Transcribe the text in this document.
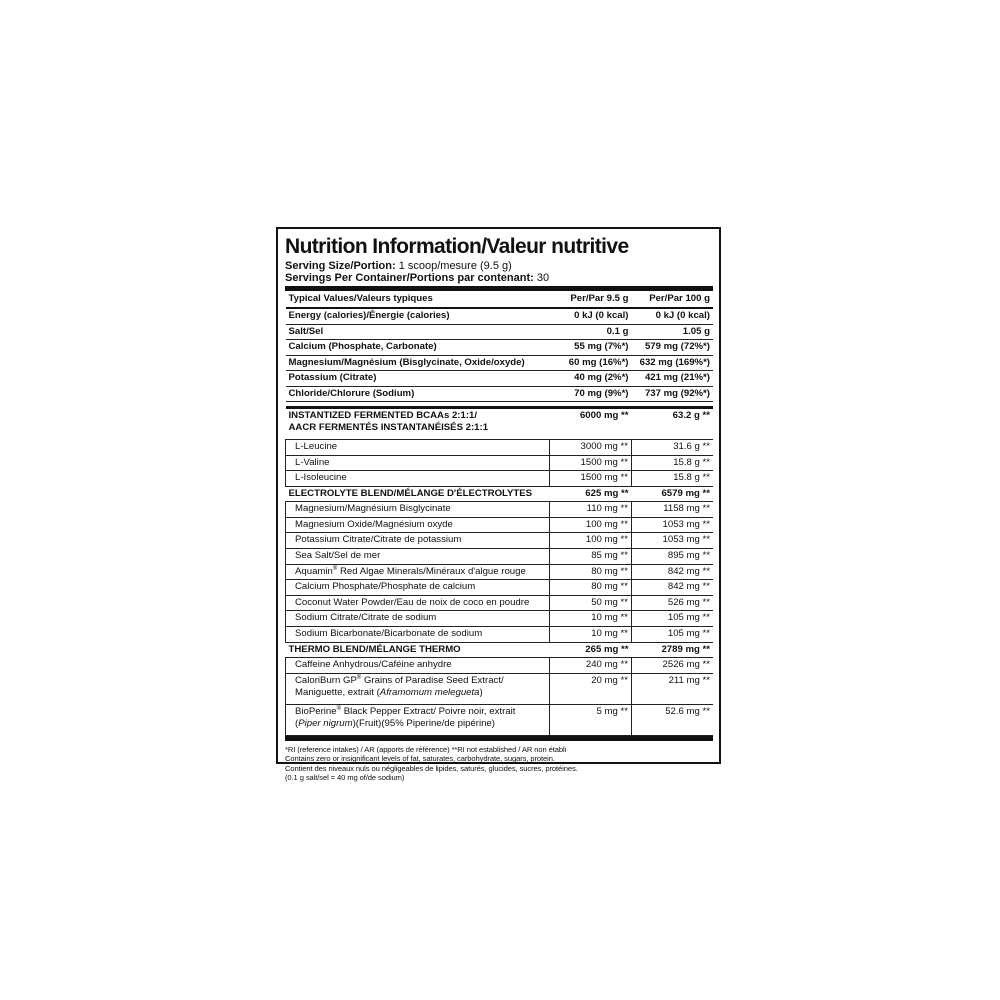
Nutrition Information/Valeur nutritive
Serving Size/Portion: 1 scoop/mesure (9.5 g)
Servings Per Container/Portions par contenant: 30
Typical Values/Valeurs typiques	Per/Par 9.5 g	Per/Par 100 g
Energy (calories)/Énergie (calories)	0 kJ (0 kcal)	0 kJ (0 kcal)
Salt/Sel	0.1 g	1.05 g
Calcium (Phosphate, Carbonate)	55 mg (7%*)	579 mg (72%*)
Magnesium/Magnésium (Bisglycinate, Oxide/oxyde)	60 mg (16%*)	632 mg (169%*)
Potassium (Citrate)	40 mg (2%*)	421 mg (21%*)
Chloride/Chlorure (Sodium)	70 mg (9%*)	737 mg (92%*)

INSTANTIZED FERMENTED BCAAs 2:1:1/
AACR FERMENTÉS INSTANTANÉISÉS 2:1:1	6000 mg **	63.2 g **
L-Leucine	3000 mg **	31.6 g **
L-Valine	1500 mg **	15.8 g **
L-Isoleucine	1500 mg **	15.8 g **
ELECTROLYTE BLEND/MÉLANGE D'ÉLECTROLYTES	625 mg **	6579 mg **
Magnesium/Magnésium Bisglycinate	110 mg **	1158 mg **
Magnesium Oxide/Magnésium oxyde	100 mg **	1053 mg **
Potassium Citrate/Citrate de potassium	100 mg **	1053 mg **
Sea Salt/Sel de mer	85 mg **	895 mg **
Aquamin® Red Algae Minerals/Minéraux d'algue rouge	80 mg **	842 mg **
Calcium Phosphate/Phosphate de calcium	80 mg **	842 mg **
Coconut Water Powder/Eau de noix de coco en poudre	50 mg **	526 mg **
Sodium Citrate/Citrate de sodium	10 mg **	105 mg **
Sodium Bicarbonate/Bicarbonate de sodium	10 mg **	105 mg **
THERMO BLEND/MÉLANGE THERMO	265 mg **	2789 mg **
Caffeine Anhydrous/Caféine anhydre	240 mg **	2526 mg **

CaloriBurn GP® Grains of Paradise Seed Extract/
Maniguette, extrait (Aframomum melegueta)	20 mg **	211 mg **

BioPerine® Black Pepper Extract/ Poivre noir, extrait
(Piper nigrum)(Fruit)(95% Piperine/de pipérine)	5 mg **	52.6 mg **
*RI (reference intakes) / AR (apports de référence) **RI not established / AR non établi
Contains zero or insignificant levels of fat, saturates, carbohydrate, sugars, protein.
Contient des niveaux nuls ou négligeables de lipides, saturés, glucides, sucres, protéines.
(0.1 g salt/sel = 40 mg of/de sodium)
